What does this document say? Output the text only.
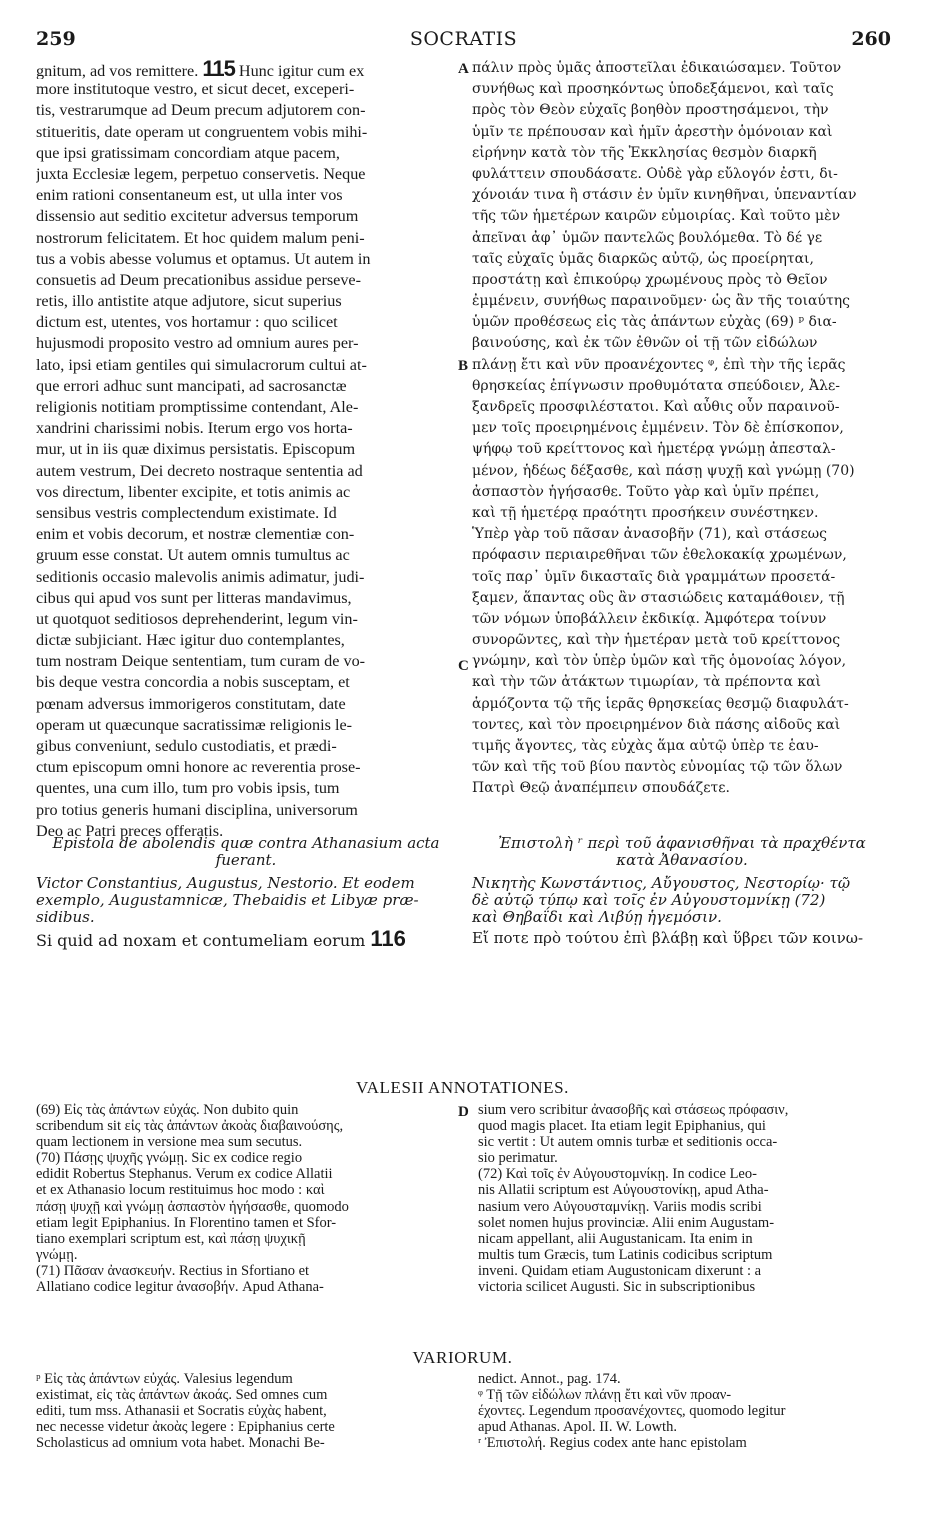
259	SOCRATIS	260
gnitum, ad vos remittere. 115 Hunc igitur cum ex
more institutoque vestro, et sicut decet, exceperi-
tis, vestrarumque ad Deum precum adjutorem con-
stitueritis, date operam ut congruentem vobis mihi-
que ipsi gratissimam concordiam atque pacem,
juxta Ecclesiæ legem, perpetuo conservetis. Neque
enim rationi consentaneum est, ut ulla inter vos
dissensio aut seditio excitetur adversus temporum
nostrorum felicitatem. Et hoc quidem malum peni-
tus a vobis abesse volumus et optamus. Ut autem in
consuetis ad Deum precationibus assidue perseve-
retis, illo antistite atque adjutore, sicut superius
dictum est, utentes, vos hortamur : quo scilicet
hujusmodi proposito vestro ad omnium aures per-
lato, ipsi etiam gentiles qui simulacrorum cultui at-
que errori adhuc sunt mancipati, ad sacrosanctæ
religionis notitiam promptissime contendant, Ale-
xandrini charissimi nobis. Iterum ergo vos horta-
mur, ut in iis quæ diximus persistatis. Episcopum
autem vestrum, Dei decreto nostraque sententia ad
vos directum, libenter excipite, et totis animis ac
sensibus vestris complectendum existimate. Id
enim et vobis decorum, et nostræ clementiæ con-
gruum esse constat. Ut autem omnis tumultus ac
seditionis occasio malevolis animis adimatur, judi-
cibus qui apud vos sunt per litteras mandavimus,
ut quotquot seditiosos deprehenderint, legum vin-
dictæ subjiciant. Hæc igitur duo contemplantes,
tum nostram Deique sententiam, tum curam de vo-
bis deque vestra concordia a nobis susceptam, et
pœnam adversus immorigeros constitutam, date
operam ut quæcunque sacratissimæ religionis le-
gibus conveniunt, sedulo custodiatis, et prædi-
ctum episcopum omni honore ac reverentia prose-
quentes, una cum illo, tum pro vobis ipsis, tum
pro totius generis humani disciplina, universorum
Deo ac Patri preces offeratis.
πάλιν πρὸς ὑμᾶς ἀποστεῖλαι ἐδικαιώσαμεν. Τοῦτον
συνήθως καὶ προσηκόντως ὑποδεξάμενοι, καὶ ταῖς
πρὸς τὸν Θεὸν εὐχαῖς βοηθὸν προστησάμενοι, τὴν
ὑμῖν τε πρέπουσαν καὶ ἡμῖν ἀρεστὴν ὁμόνοιαν καὶ
εἰρήνην κατὰ τὸν τῆς Ἐκκλησίας θεσμὸν διαρκῆ
φυλάττειν σπουδάσατε. Οὐδὲ γὰρ εὔλογόν ἐστι, δι-
χόνοιάν τινα ἢ στάσιν ἐν ὑμῖν κινηθῆναι, ὑπεναντίαν
τῆς τῶν ἡμετέρων καιρῶν εὐμοιρίας. Καὶ τοῦτο μὲν
ἀπεῖναι ἀφ᾽ ὑμῶν παντελῶς βουλόμεθα. Τὸ δέ γε
ταῖς εὐχαῖς ὑμᾶς διαρκῶς αὐτῷ, ὡς προείρηται,
προστάτῃ καὶ ἐπικούρῳ χρωμένους πρὸς τὸ Θεῖον
ἐμμένειν, συνήθως παραινοῦμεν· ὡς ἂν τῆς τοιαύτης
ὑμῶν προθέσεως εἰς τὰς ἁπάντων εὐχὰς (69) ᵖ δια-
βαινούσης, καὶ ἐκ τῶν ἐθνῶν οἱ τῇ τῶν εἰδώλων
πλάνῃ ἔτι καὶ νῦν προανέχοντες ᵠ, ἐπὶ τὴν τῆς ἱερᾶς
θρησκείας ἐπίγνωσιν προθυμότατα σπεύδοιεν, Ἀλε-
ξανδρεῖς προσφιλέστατοι. Καὶ αὖθις οὖν παραινοῦ-
μεν τοῖς προειρημένοις ἐμμένειν. Τὸν δὲ ἐπίσκοπον,
ψήφῳ τοῦ κρείττονος καὶ ἡμετέρᾳ γνώμῃ ἀπεσταλ-
μένον, ἡδέως δέξασθε, καὶ πάσῃ ψυχῇ καὶ γνώμῃ (70)
ἀσπαστὸν ἡγήσασθε. Τοῦτο γὰρ καὶ ὑμῖν πρέπει,
καὶ τῇ ἡμετέρᾳ πραότητι προσήκειν συνέστηκεν.
Ὑπὲρ γὰρ τοῦ πᾶσαν ἀνασοβῆν (71), καὶ στάσεως
πρόφασιν περιαιρεθῆναι τῶν ἐθελοκακίᾳ χρωμένων,
τοῖς παρ᾽ ὑμῖν δικασταῖς διὰ γραμμάτων προσετά-
ξαμεν, ἅπαντας οὓς ἂν στασιώδεις καταμάθοιεν, τῇ
τῶν νόμων ὑποβάλλειν ἐκδικίᾳ. Ἀμφότερα τοίνυν
συνορῶντες, καὶ τὴν ἡμετέραν μετὰ τοῦ κρείττονος
γνώμην, καὶ τὸν ὑπὲρ ὑμῶν καὶ τῆς ὁμονοίας λόγον,
καὶ τὴν τῶν ἀτάκτων τιμωρίαν, τὰ πρέποντα καὶ
ἁρμόζοντα τῷ τῆς ἱερᾶς θρησκείας θεσμῷ διαφυλάτ-
τοντες, καὶ τὸν προειρημένον διὰ πάσης αἰδοῦς καὶ
τιμῆς ἄγοντες, τὰς εὐχὰς ἅμα αὐτῷ ὑπὲρ τε ἑαυ-
τῶν καὶ τῆς τοῦ βίου παντὸς εὐνομίας τῷ τῶν ὅλων
Πατρὶ Θεῷ ἀναπέμπειν σπουδάζετε.
A
B
C
D
Epistola de abolendis quæ contra Athanasium acta
fuerant.
Victor Constantius, Augustus, Nestorio. Et eodem
exemplo, Augustamnicæ, Thebaidis et Libyæ præ-
sidibus.
Si quid ad noxam et contumeliam eorum 116
Ἐπιστολὴ ʳ περὶ τοῦ ἀφανισθῆναι τὰ πραχθέντα
κατὰ Ἀθανασίου.
Νικητὴς Κωνστάντιος, Αὔγουστος, Νεστορίῳ· τῷ
δὲ αὐτῷ τύπῳ καὶ τοῖς ἐν Αὐγουστομνίκῃ (72)
καὶ Θηβαΐδι καὶ Λιβύῃ ἡγεμόσιν.
Εἴ ποτε πρὸ τούτου ἐπὶ βλάβῃ καὶ ὕβρει τῶν κοινω-
VALESII ANNOTATIONES.
(69) Εἰς τὰς ἁπάντων εὐχάς. Non dubito quin
scribendum sit εἰς τὰς ἁπάντων ἀκοὰς διαβαινούσης,
quam lectionem in versione mea sum secutus.
(70) Πάσῃς ψυχῆς γνώμῃ. Sic ex codice regio
edidit Robertus Stephanus. Verum ex codice Allatii
et ex Athanasio locum restituimus hoc modo : καὶ
πάσῃ ψυχῇ καὶ γνώμῃ ἀσπαστὸν ἡγήσασθε, quomodo
etiam legit Epiphanius. In Florentino tamen et Sfor-
tiano exemplari scriptum est, καὶ πάσῃ ψυχικῇ
γνώμῃ.
(71) Πᾶσαν ἀνασκευήν. Rectius in Sfortiano et
Allatiano codice legitur ἀνασοβήν. Apud Athana-
sium vero scribitur ἀνασοβῆς καὶ στάσεως πρόφασιν,
quod magis placet. Ita etiam legit Epiphanius, qui
sic vertit : Ut autem omnis turbæ et seditionis occa-
sio perimatur.
(72) Καὶ τοῖς ἐν Αὐγουστομνίκῃ. In codice Leo-
nis Allatii scriptum est Αὐγουστονίκῃ, apud Atha-
nasium vero Αὐγουσταμνίκῃ. Variis modis scribi
solet nomen hujus provinciæ. Alii enim Augustam-
nicam appellant, alii Augustanicam. Ita enim in
multis tum Græcis, tum Latinis codicibus scriptum
inveni. Quidam etiam Augustonicam dixerunt : a
victoria scilicet Augusti. Sic in subscriptionibus
VARIORUM.
ᵖ Εἰς τὰς ἁπάντων εὐχάς. Valesius legendum
existimat, εἰς τὰς ἁπάντων ἀκοάς. Sed omnes cum
editi, tum mss. Athanasii et Socratis εὐχὰς habent,
nec necesse videtur ἀκοὰς legere : Epiphanius certe
Scholasticus ad omnium vota habet. Monachi Be-
nedict. Annot., pag. 174.
ᵠ Τῇ τῶν εἰδώλων πλάνῃ ἔτι καὶ νῦν προαν-
έχοντες. Legendum προσανέχοντες, quomodo legitur
apud Athanas. Apol. II. W. Lowth.
ʳ Ἐπιστολή. Regius codex ante hanc epistolam
